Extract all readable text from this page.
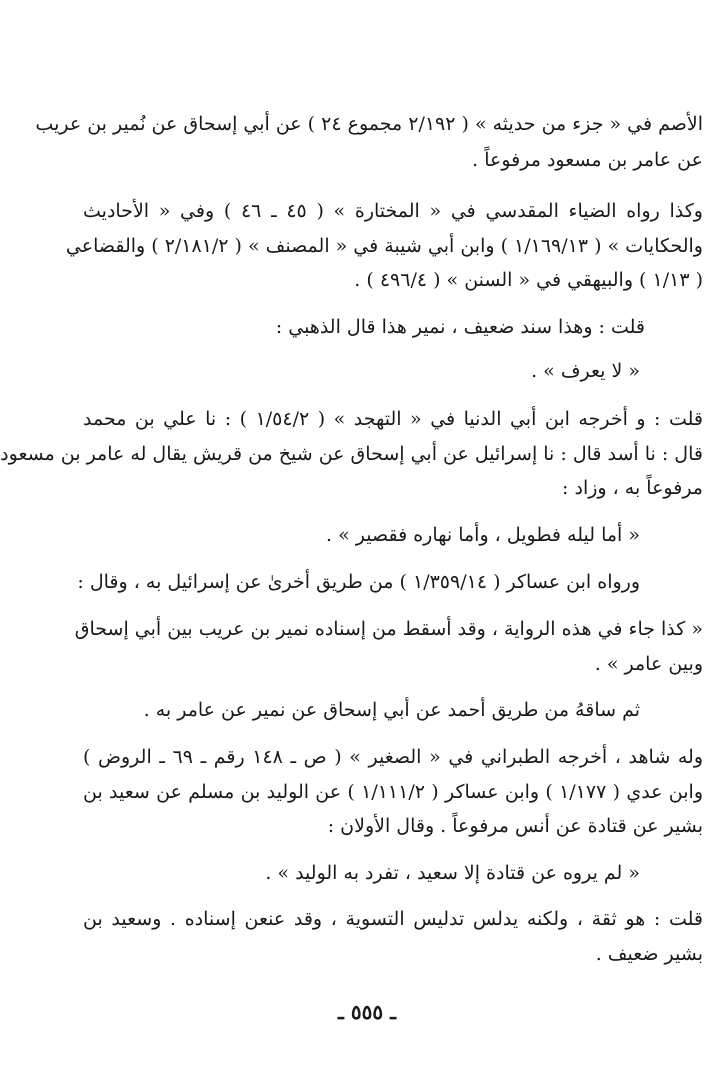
الأصم في « جزء من حديثه » ( ٢/١٩٢ مجموع ٢٤ ) عن أبي إسحاق عن نُمير بن عريب
عن عامر بن مسعود مرفوعاً .
وكذا رواه الضياء المقدسي في « المختارة » ( ٤٥ ـ ٤٦ ) وفي « الأحاديث
والحكايات » ( ١/١٦٩/١٣ ) وابن أبي شيبة في « المصنف » ( ٢/١٨١/٢ ) والقضاعي
( ١/١٣ ) والبيهقي في « السنن » ( ٤٩٦/٤ ) .
قلت : وهذا سند ضعيف ، نمير هذا قال الذهبي :
« لا يعرف » .
قلت : و أخرجه ابن أبي الدنيا في « التهجد » ( ١/٥٤/٢ ) : نا علي بن محمد
قال : نا أسد قال : نا إسرائيل عن أبي إسحاق عن شيخ من قريش يقال له عامر بن مسعود
مرفوعاً به ، وزاد :
« أما ليله فطويل ، وأما نهاره فقصير » .
ورواه ابن عساكر ( ١/٣٥٩/١٤ ) من طريق أخرىٰ عن إسرائيل به ، وقال :
« كذا جاء في هذه الرواية ، وقد أسقط من إسناده نمير بن عريب بين أبي إسحاق
وبين عامر » .
ثم ساقهُ من طريق أحمد عن أبي إسحاق عن نمير عن عامر به .
وله شاهد ، أخرجه الطبراني في « الصغير » ( ص ـ ١٤٨ رقم ـ ٦٩ ـ الروض )
وابن عدي ( ١/١٧٧ ) وابن عساكر ( ١/١١١/٢ ) عن الوليد بن مسلم عن سعيد بن
بشير عن قتادة عن أنس مرفوعاً . وقال الأولان :
« لم يروه عن قتادة إلا سعيد ، تفرد به الوليد » .
قلت : هو ثقة ، ولكنه يدلس تدليس التسوية ، وقد عنعن إسناده . وسعيد بن
بشير ضعيف .
ـ ٥٥٥ ـ
